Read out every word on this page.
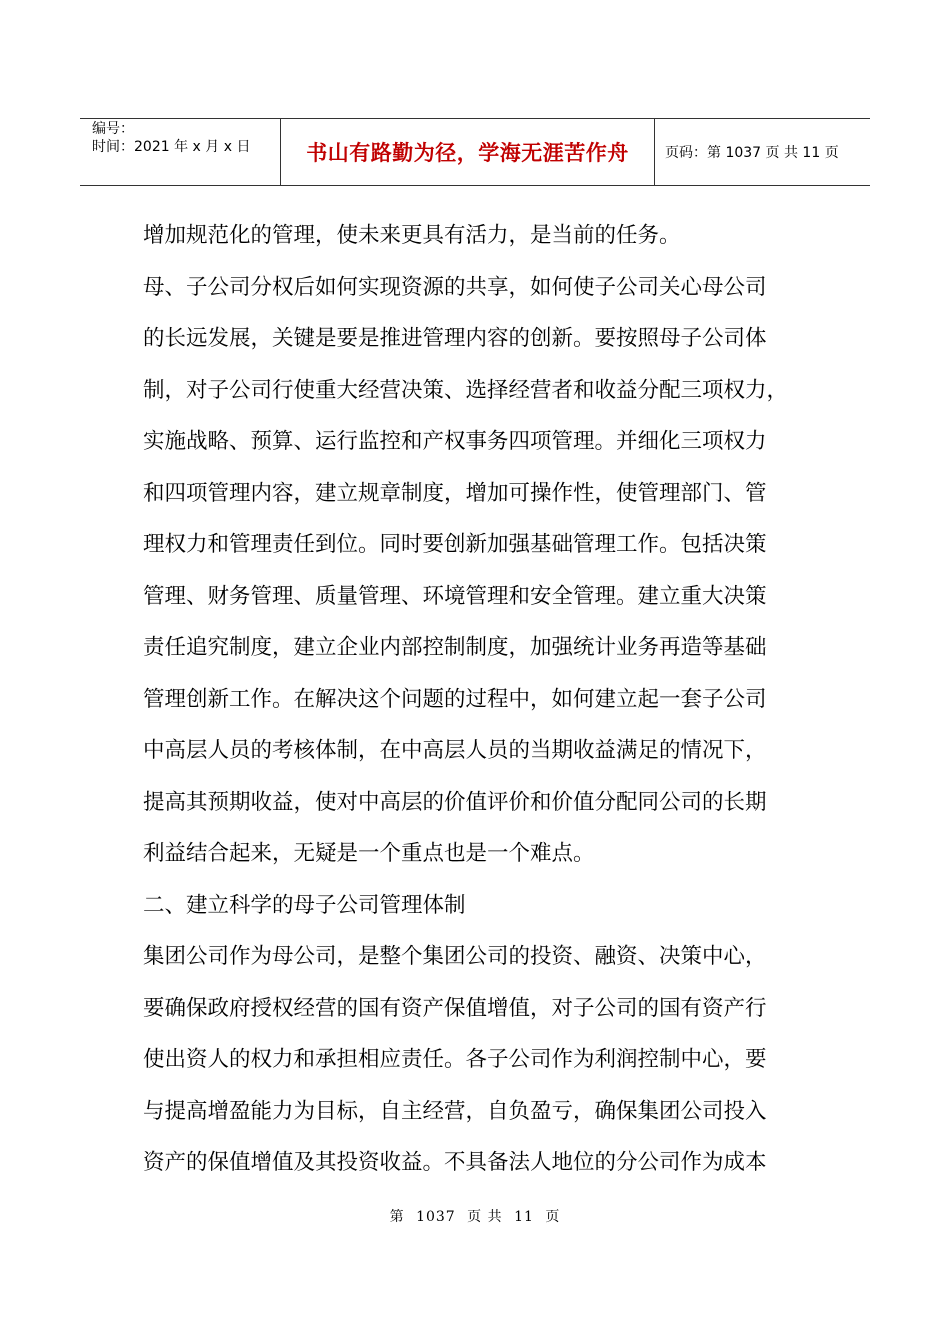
编号：
时间：2021 年 x 月 x 日	书山有路勤为径，学海无涯苦作舟	页码：第 1037 页 共 11 页

增加规范化的管理，使未来更具有活力，是当前的任务。

母、子公司分权后如何实现资源的共享，如何使子公司关心母公司

的长远发展，关键是要是推进管理内容的创新。要按照母子公司体

制，对子公司行使重大经营决策、选择经营者和收益分配三项权力，

实施战略、预算、运行监控和产权事务四项管理。并细化三项权力

和四项管理内容，建立规章制度，增加可操作性，使管理部门、管

理权力和管理责任到位。同时要创新加强基础管理工作。包括决策

管理、财务管理、质量管理、环境管理和安全管理。建立重大决策

责任追究制度，建立企业内部控制制度，加强统计业务再造等基础

管理创新工作。在解决这个问题的过程中，如何建立起一套子公司

中高层人员的考核体制，在中高层人员的当期收益满足的情况下，

提高其预期收益，使对中高层的价值评价和价值分配同公司的长期

利益结合起来，无疑是一个重点也是一个难点。

二、建立科学的母子公司管理体制

集团公司作为母公司，是整个集团公司的投资、融资、决策中心，

要确保政府授权经营的国有资产保值增值，对子公司的国有资产行

使出资人的权力和承担相应责任。各子公司作为利润控制中心，要

与提高增盈能力为目标，自主经营，自负盈亏，确保集团公司投入

资产的保值增值及其投资收益。不具备法人地位的分公司作为成本

第 1037 页 共 11 页
